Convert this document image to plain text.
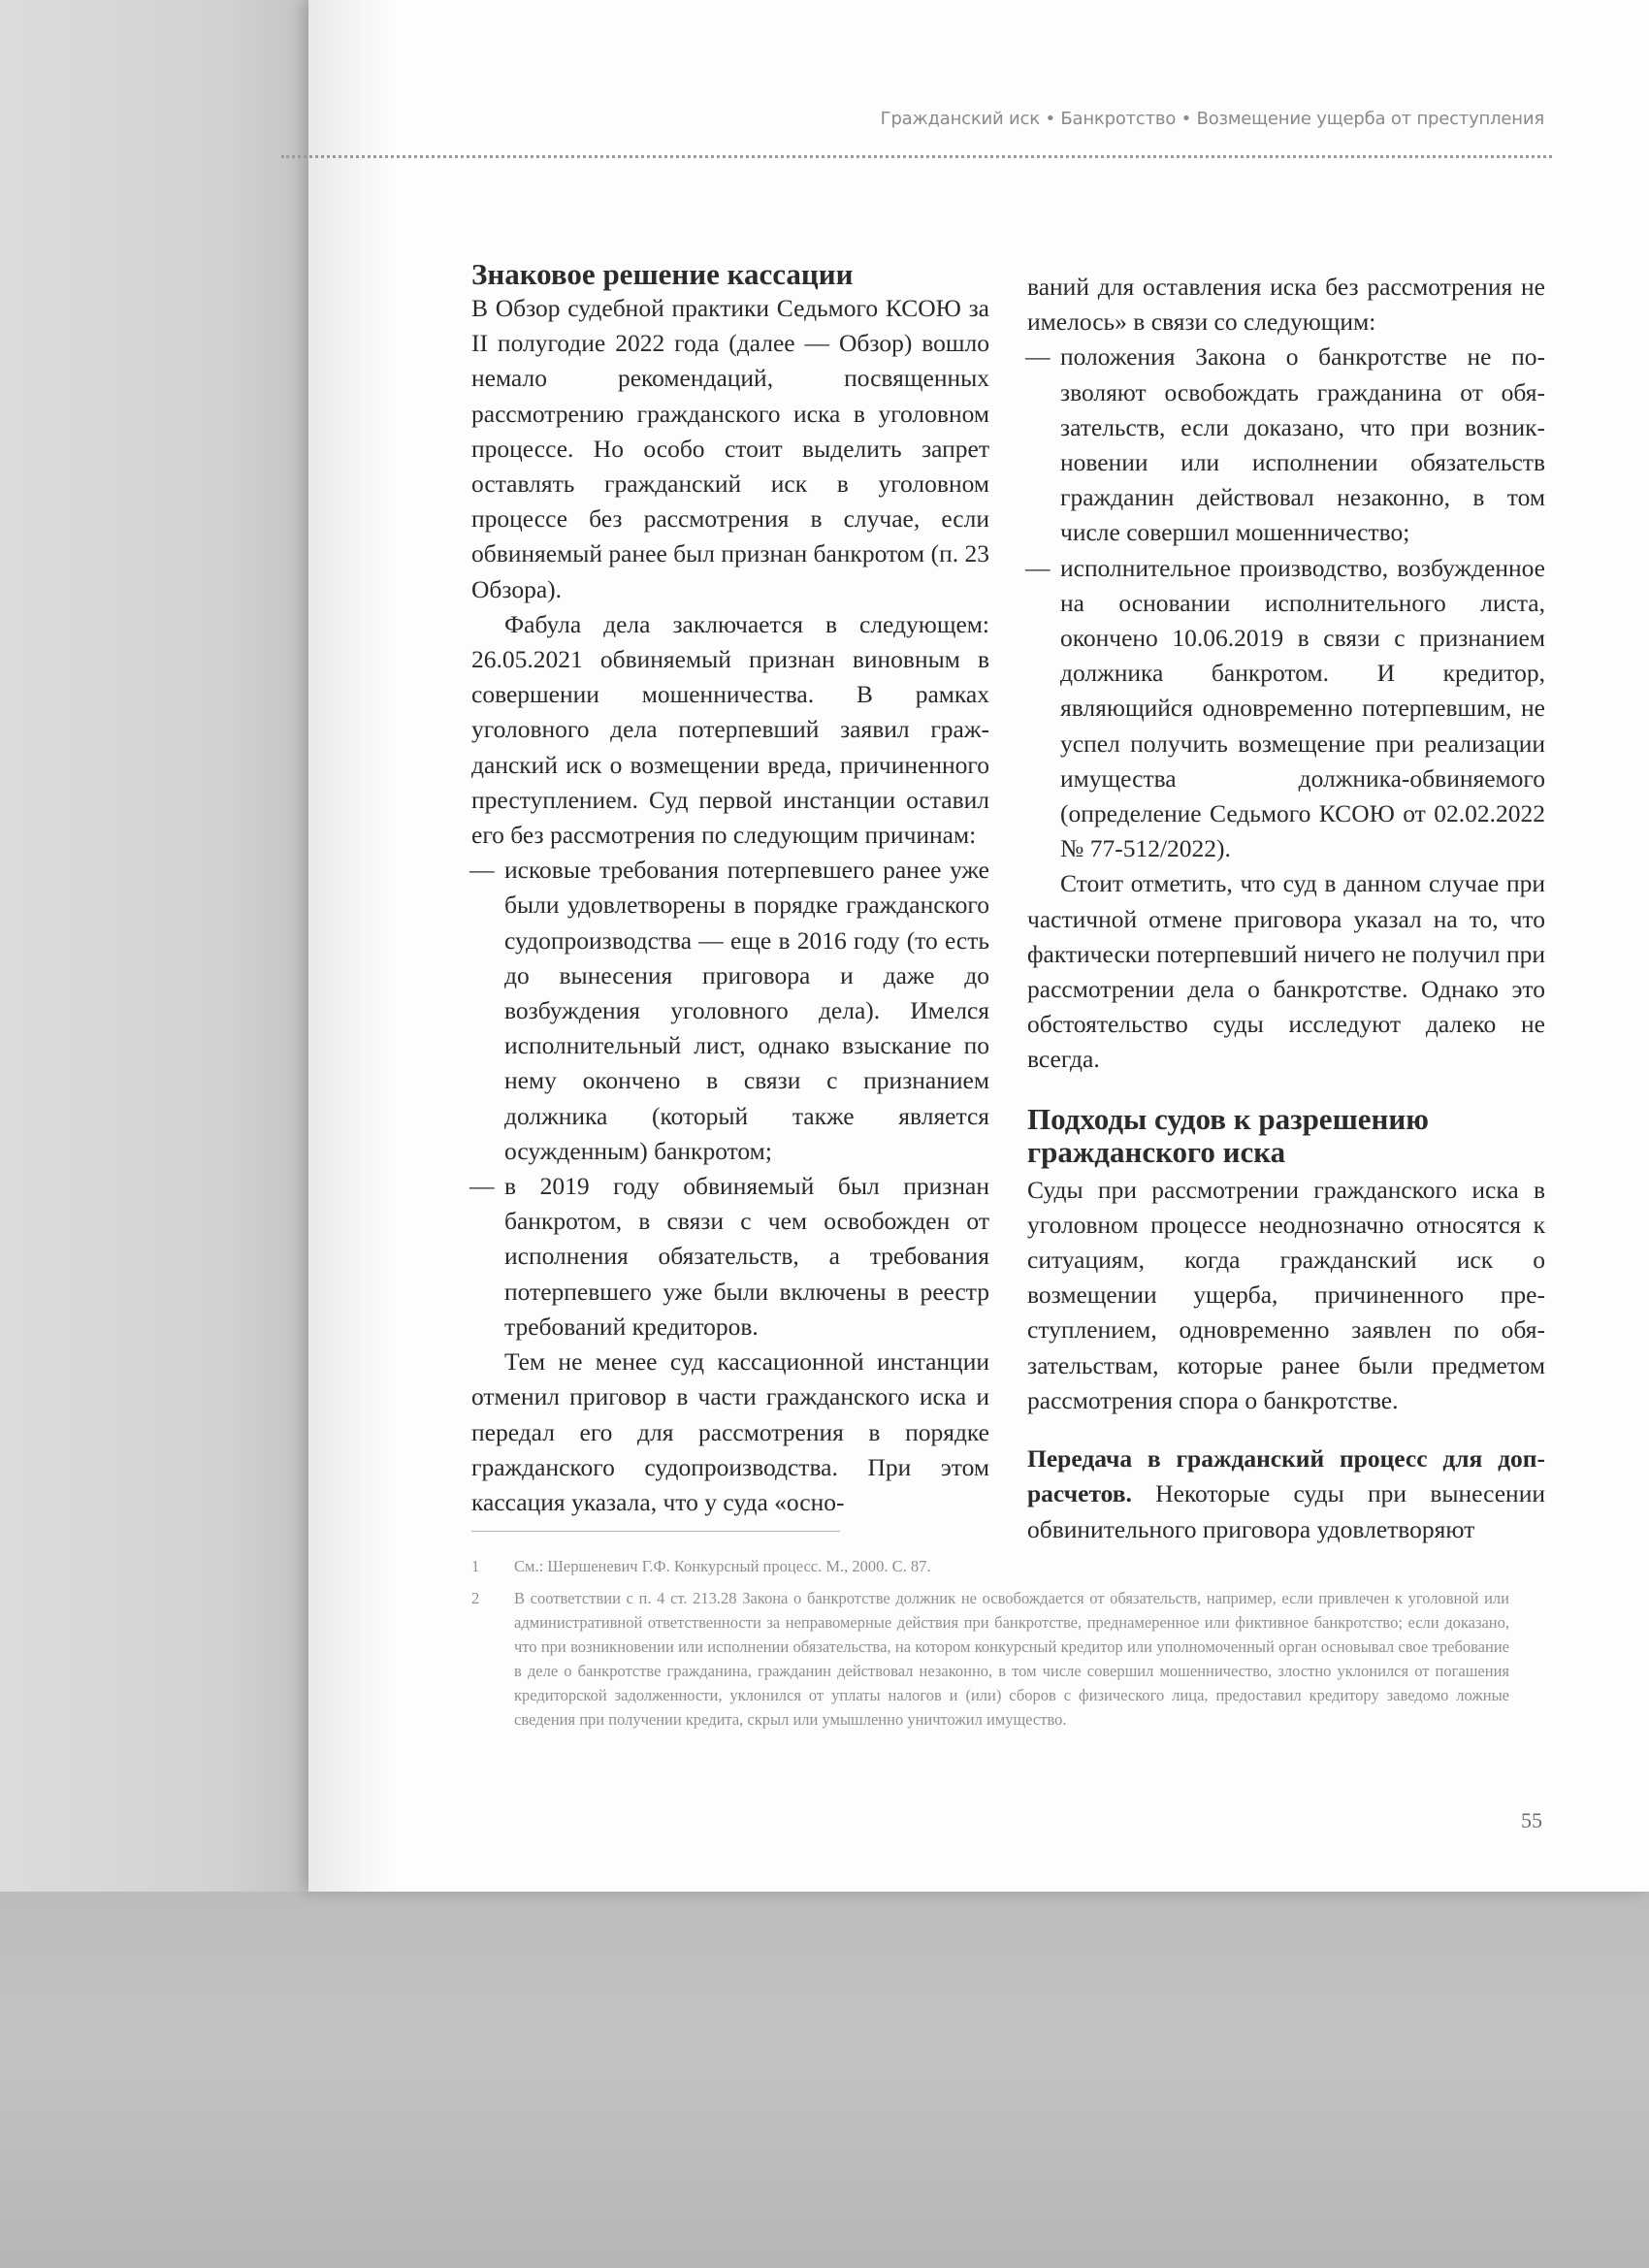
Гражданский иск • Банкротство • Возмещение ущерба от преступления
Знаковое решение кассации

В Обзор судебной практики Седьмого КСОЮ за II полугодие 2022 года (далее — Обзор) вошло немало рекомендаций, посвященных рассмотрению гражданского иска в уголовном процессе. Но особо стоит выделить запрет оставлять гражданский иск в уголовном процессе без рассмотрения в случае, если обвиняемый ранее был признан банкротом (п. 23 Обзора).

Фабула дела заключается в следующем: 26.05.2021 обвиняемый признан виновным в совершении мошенничества. В рамках уголовного дела потерпевший заявил гражданский иск о возмещении вреда, причиненного преступлением. Суд первой инстанции оставил его без рассмотрения по следующим причинам:

— исковые требования потерпевшего ранее уже были удовлетворены в порядке гражданского судопроизводства — еще в 2016 году (то есть до вынесения приговора и даже до возбуждения уголовного дела). Имелся исполнительный лист, однако взыскание по нему окончено в связи с признанием должника (который также является осужденным) банкротом;
— в 2019 году обвиняемый был признан банкротом, в связи с чем освобожден от исполнения обязательств, а требования потерпевшего уже были включены в реестр требований кредиторов.

Тем не менее суд кассационной инстанции отменил приговор в части гражданского иска и передал его для рассмотрения в порядке гражданского судопроизводства. При этом кассация указала, что у суда «осно-

ваний для оставления иска без рассмотрения не имелось» в связи со следующим:

— положения Закона о банкротстве не позволяют освобождать гражданина от обязательств, если доказано, что при возникновении или исполнении обязательств гражданин действовал незаконно, в том числе совершил мошенничество;
— исполнительное производство, возбужденное на основании исполнительного листа, окончено 10.06.2019 в связи с признанием должника банкротом. И кредитор, являющийся одновременно потерпевшим, не успел получить возмещение при реализации имущества должника-обвиняемого (определение Седьмого КСОЮ от 02.02.2022 № 77-512/2022).

Стоит отметить, что суд в данном случае при частичной отмене приговора указал на то, что фактически потерпевший ничего не получил при рассмотрении дела о банкротстве. Однако это обстоятельство суды исследуют далеко не всегда.

Подходы судов к разрешению гражданского иска

Суды при рассмотрении гражданского иска в уголовном процессе неоднозначно относятся к ситуациям, когда гражданский иск о возмещении ущерба, причиненного преступлением, одновременно заявлен по обязательствам, которые ранее были предметом рассмотрения спора о банкротстве.

Передача в гражданский процесс для допрасчетов. Некоторые суды при вынесении обвинительного приговора удовлетворяют

1 См.: Шершеневич Г.Ф. Конкурсный процесс. М., 2000. С. 87.
2 В соответствии с п. 4 ст. 213.28 Закона о банкротстве должник не освобождается от обязательств, например, если привлечен к уголовной или административной ответственности за неправомерные действия при банкротстве, преднамеренное или фиктивное банкротство; если доказано, что при возникновении или исполнении обязательства, на котором конкурсный кредитор или уполномоченный орган основывал свое требование в деле о банкротстве гражданина, гражданин действовал незаконно, в том числе совершил мошенничество, злостно уклонился от погашения кредиторской задолженности, уклонился от уплаты налогов и (или) сборов с физического лица, предоставил кредитору заведомо ложные сведения при получении кредита, скрыл или умышленно уничтожил имущество.
55
